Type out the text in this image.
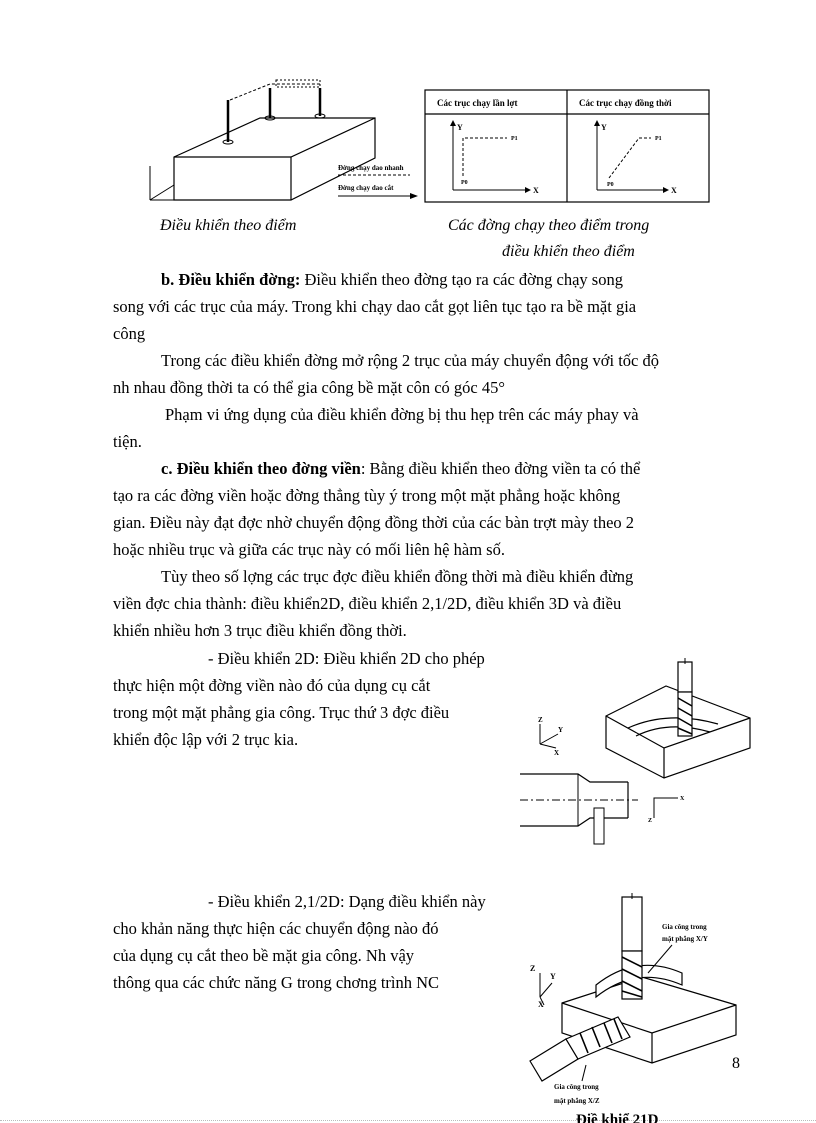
Đờng chạy dao nhanh
Đờng chạy dao cắt
Các trục chạy lần lợt	Các trục chạy đồng thời
Y
X
P0
P1
Y
X
P0
P1
Điều khiển theo điểm	Các đờng chạy theo điểm trong
điều khiển theo điểm
b. Điều khiển đờng: Điều khiển theo đờng tạo ra các đờng chạy song
song với các trục của máy. Trong khi chạy dao cắt gọt liên tục tạo ra bề mặt gia
công
Trong các điều khiển đờng mở rộng 2 trục của máy chuyển động với tốc độ
nh nhau đồng thời ta có thể gia công bề mặt côn có góc 45°
Phạm vi ứng dụng của điều khiển đờng bị thu hẹp trên các máy phay và
tiện.
c. Điều khiển theo đờng viền: Bằng điều khiển theo đờng viền ta có thể
tạo ra các đờng viền hoặc đờng thẳng tùy ý trong một mặt phẳng hoặc không
gian. Điều này đạt đợc nhờ chuyển động đồng thời của các bàn trợt mày theo 2
hoặc nhiều trục và giữa các trục này có mối liên hệ hàm số.
Tùy theo số lợng các trục đợc điều khiển đồng thời mà điều khiển đừng
viền đợc chia thành: điều khiển2D, điều khiển 2,1/2D, điều khiển 3D và điều
khiển nhiều hơn 3 trục điều khiển đồng thời.
- Điều khiển 2D: Điều khiển 2D cho phép
thực hiện một đờng viền nào đó của dụng cụ cắt
trong một mặt phẳng gia công. Trục thứ 3 đợc điều
khiển độc lập với 2 trục kia.
Z
Y
X
X
Z
- Điều khiển 2,1/2D: Dạng điều khiển này
cho khản năng thực hiện các chuyển động nào đó
của dụng cụ cắt theo bề mặt gia công. Nh vậy
thông qua các chức năng G trong chơng trình NC
Z
Y
X
Gia công trong
mặt phẳng X/Y
Gia công trong
mặt phẳng X/Z
8
Điề khiể 21D
